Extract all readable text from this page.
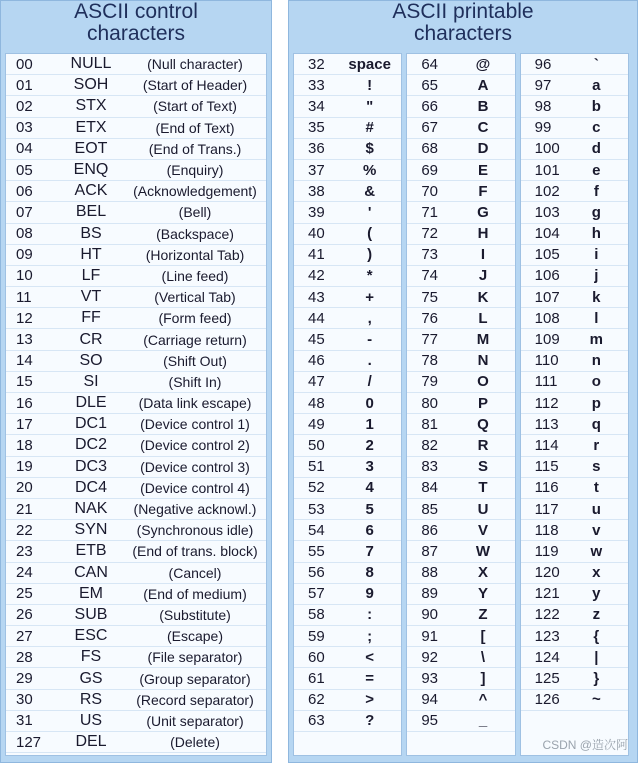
ASCII control
characters
00	NULL	(Null character)
01	SOH	(Start of Header)
02	STX	(Start of Text)
03	ETX	(End of Text)
04	EOT	(End of Trans.)
05	ENQ	(Enquiry)
06	ACK	(Acknowledgement)
07	BEL	(Bell)
08	BS	(Backspace)
09	HT	(Horizontal Tab)
10	LF	(Line feed)
11	VT	(Vertical Tab)
12	FF	(Form feed)
13	CR	(Carriage return)
14	SO	(Shift Out)
15	SI	(Shift In)
16	DLE	(Data link escape)
17	DC1	(Device control 1)
18	DC2	(Device control 2)
19	DC3	(Device control 3)
20	DC4	(Device control 4)
21	NAK	(Negative acknowl.)
22	SYN	(Synchronous idle)
23	ETB	(End of trans. block)
24	CAN	(Cancel)
25	EM	(End of medium)
26	SUB	(Substitute)
27	ESC	(Escape)
28	FS	(File separator)
29	GS	(Group separator)
30	RS	(Record separator)
31	US	(Unit separator)
127	DEL	(Delete)
ASCII printable
characters
32	space
33	!
34	"
35	#
36	$
37	%
38	&
39	'
40	(
41	)
42	*
43	+
44	,
45	-
46	.
47	/
48	0
49	1
50	2
51	3
52	4
53	5
54	6
55	7
56	8
57	9
58	:
59	;
60	<
61	=
62	>
63	?
64	@
65	A
66	B
67	C
68	D
69	E
70	F
71	G
72	H
73	I
74	J
75	K
76	L
77	M
78	N
79	O
80	P
81	Q
82	R
83	S
84	T
85	U
86	V
87	W
88	X
89	Y
90	Z
91	[
92	\
93	]
94	^
95	_
96	`
97	a
98	b
99	c
100	d
101	e
102	f
103	g
104	h
105	i
106	j
107	k
108	l
109	m
110	n
111	o
112	p
113	q
114	r
115	s
116	t
117	u
118	v
119	w
120	x
121	y
122	z
123	{
124	|
125	}
126	~
CSDN @造次阿
